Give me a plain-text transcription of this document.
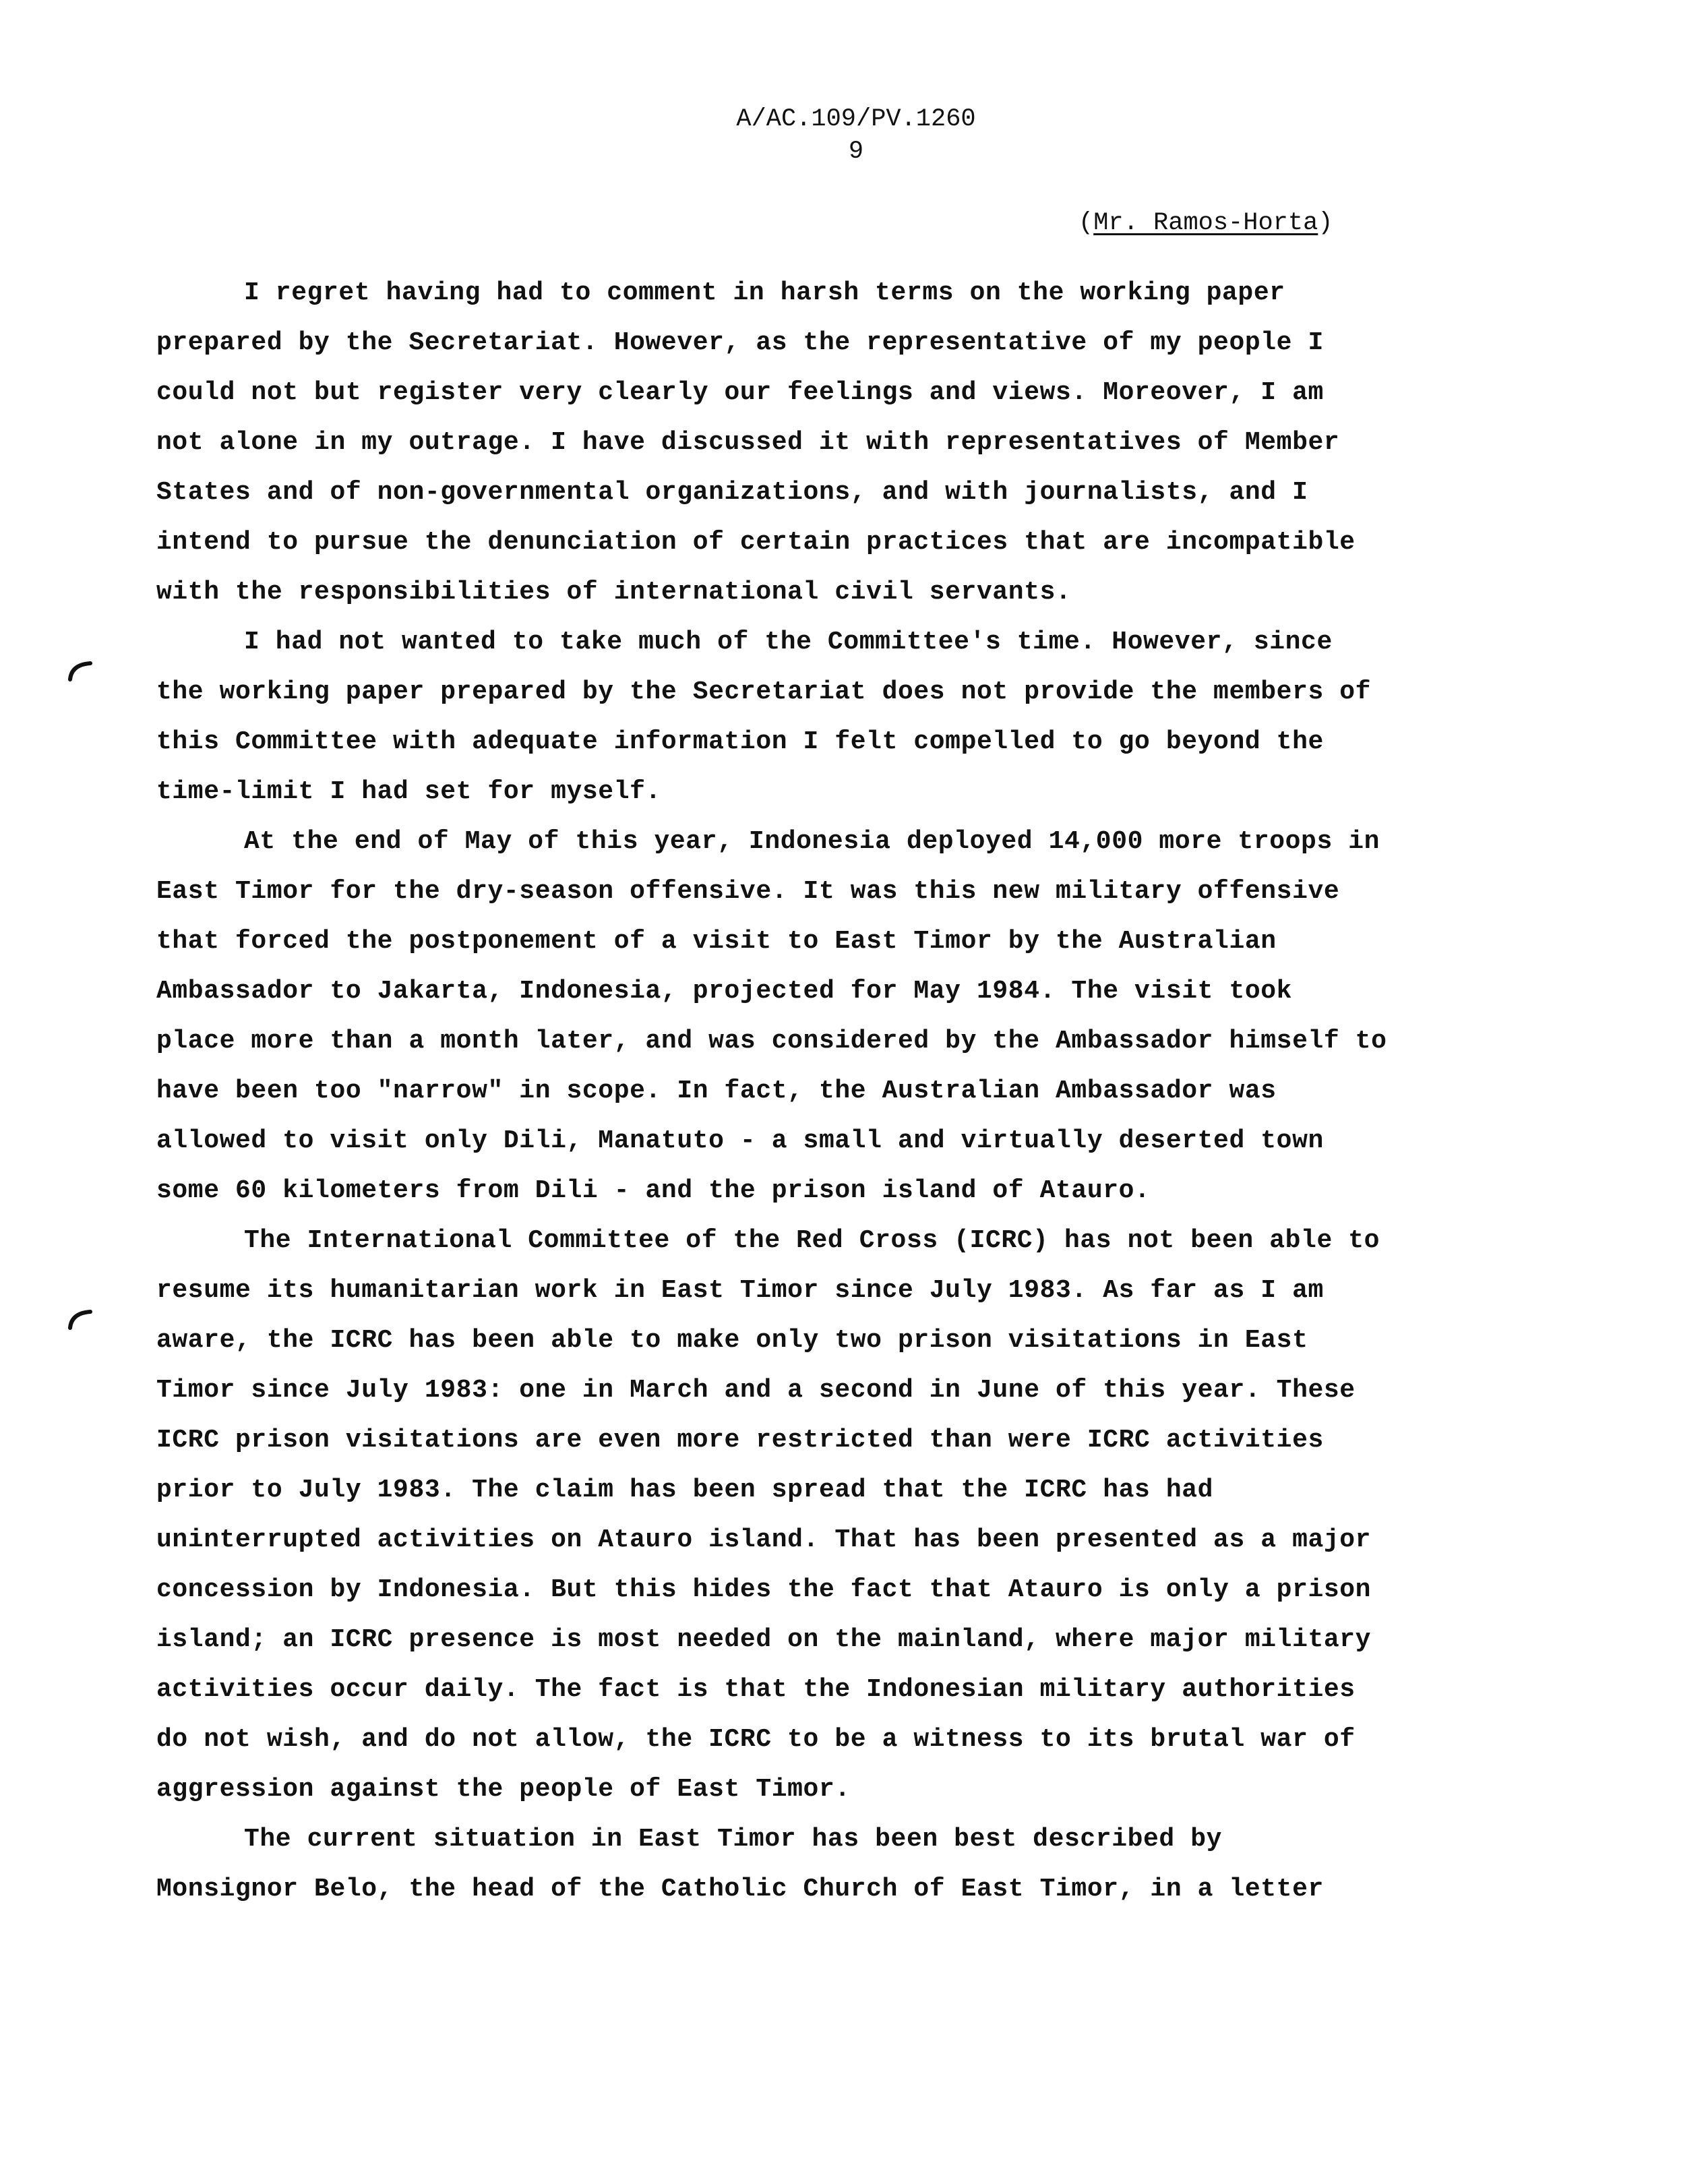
A/AC.109/PV.1260
9
(Mr. Ramos-Horta)
I regret having had to comment in harsh terms on the working paper
prepared by the Secretariat. However, as the representative of my people I
could not but register very clearly our feelings and views. Moreover, I am
not alone in my outrage. I have discussed it with representatives of Member
States and of non-governmental organizations, and with journalists, and I
intend to pursue the denunciation of certain practices that are incompatible
with the responsibilities of international civil servants.
I had not wanted to take much of the Committee's time. However, since
the working paper prepared by the Secretariat does not provide the members of
this Committee with adequate information I felt compelled to go beyond the
time-limit I had set for myself.
At the end of May of this year, Indonesia deployed 14,000 more troops in
East Timor for the dry-season offensive. It was this new military offensive
that forced the postponement of a visit to East Timor by the Australian
Ambassador to Jakarta, Indonesia, projected for May 1984. The visit took
place more than a month later, and was considered by the Ambassador himself to
have been too "narrow" in scope. In fact, the Australian Ambassador was
allowed to visit only Dili, Manatuto - a small and virtually deserted town
some 60 kilometers from Dili - and the prison island of Atauro.
The International Committee of the Red Cross (ICRC) has not been able to
resume its humanitarian work in East Timor since July 1983. As far as I am
aware, the ICRC has been able to make only two prison visitations in East
Timor since July 1983: one in March and a second in June of this year. These
ICRC prison visitations are even more restricted than were ICRC activities
prior to July 1983. The claim has been spread that the ICRC has had
uninterrupted activities on Atauro island. That has been presented as a major
concession by Indonesia. But this hides the fact that Atauro is only a prison
island; an ICRC presence is most needed on the mainland, where major military
activities occur daily. The fact is that the Indonesian military authorities
do not wish, and do not allow, the ICRC to be a witness to its brutal war of
aggression against the people of East Timor.
The current situation in East Timor has been best described by
Monsignor Belo, the head of the Catholic Church of East Timor, in a letter
